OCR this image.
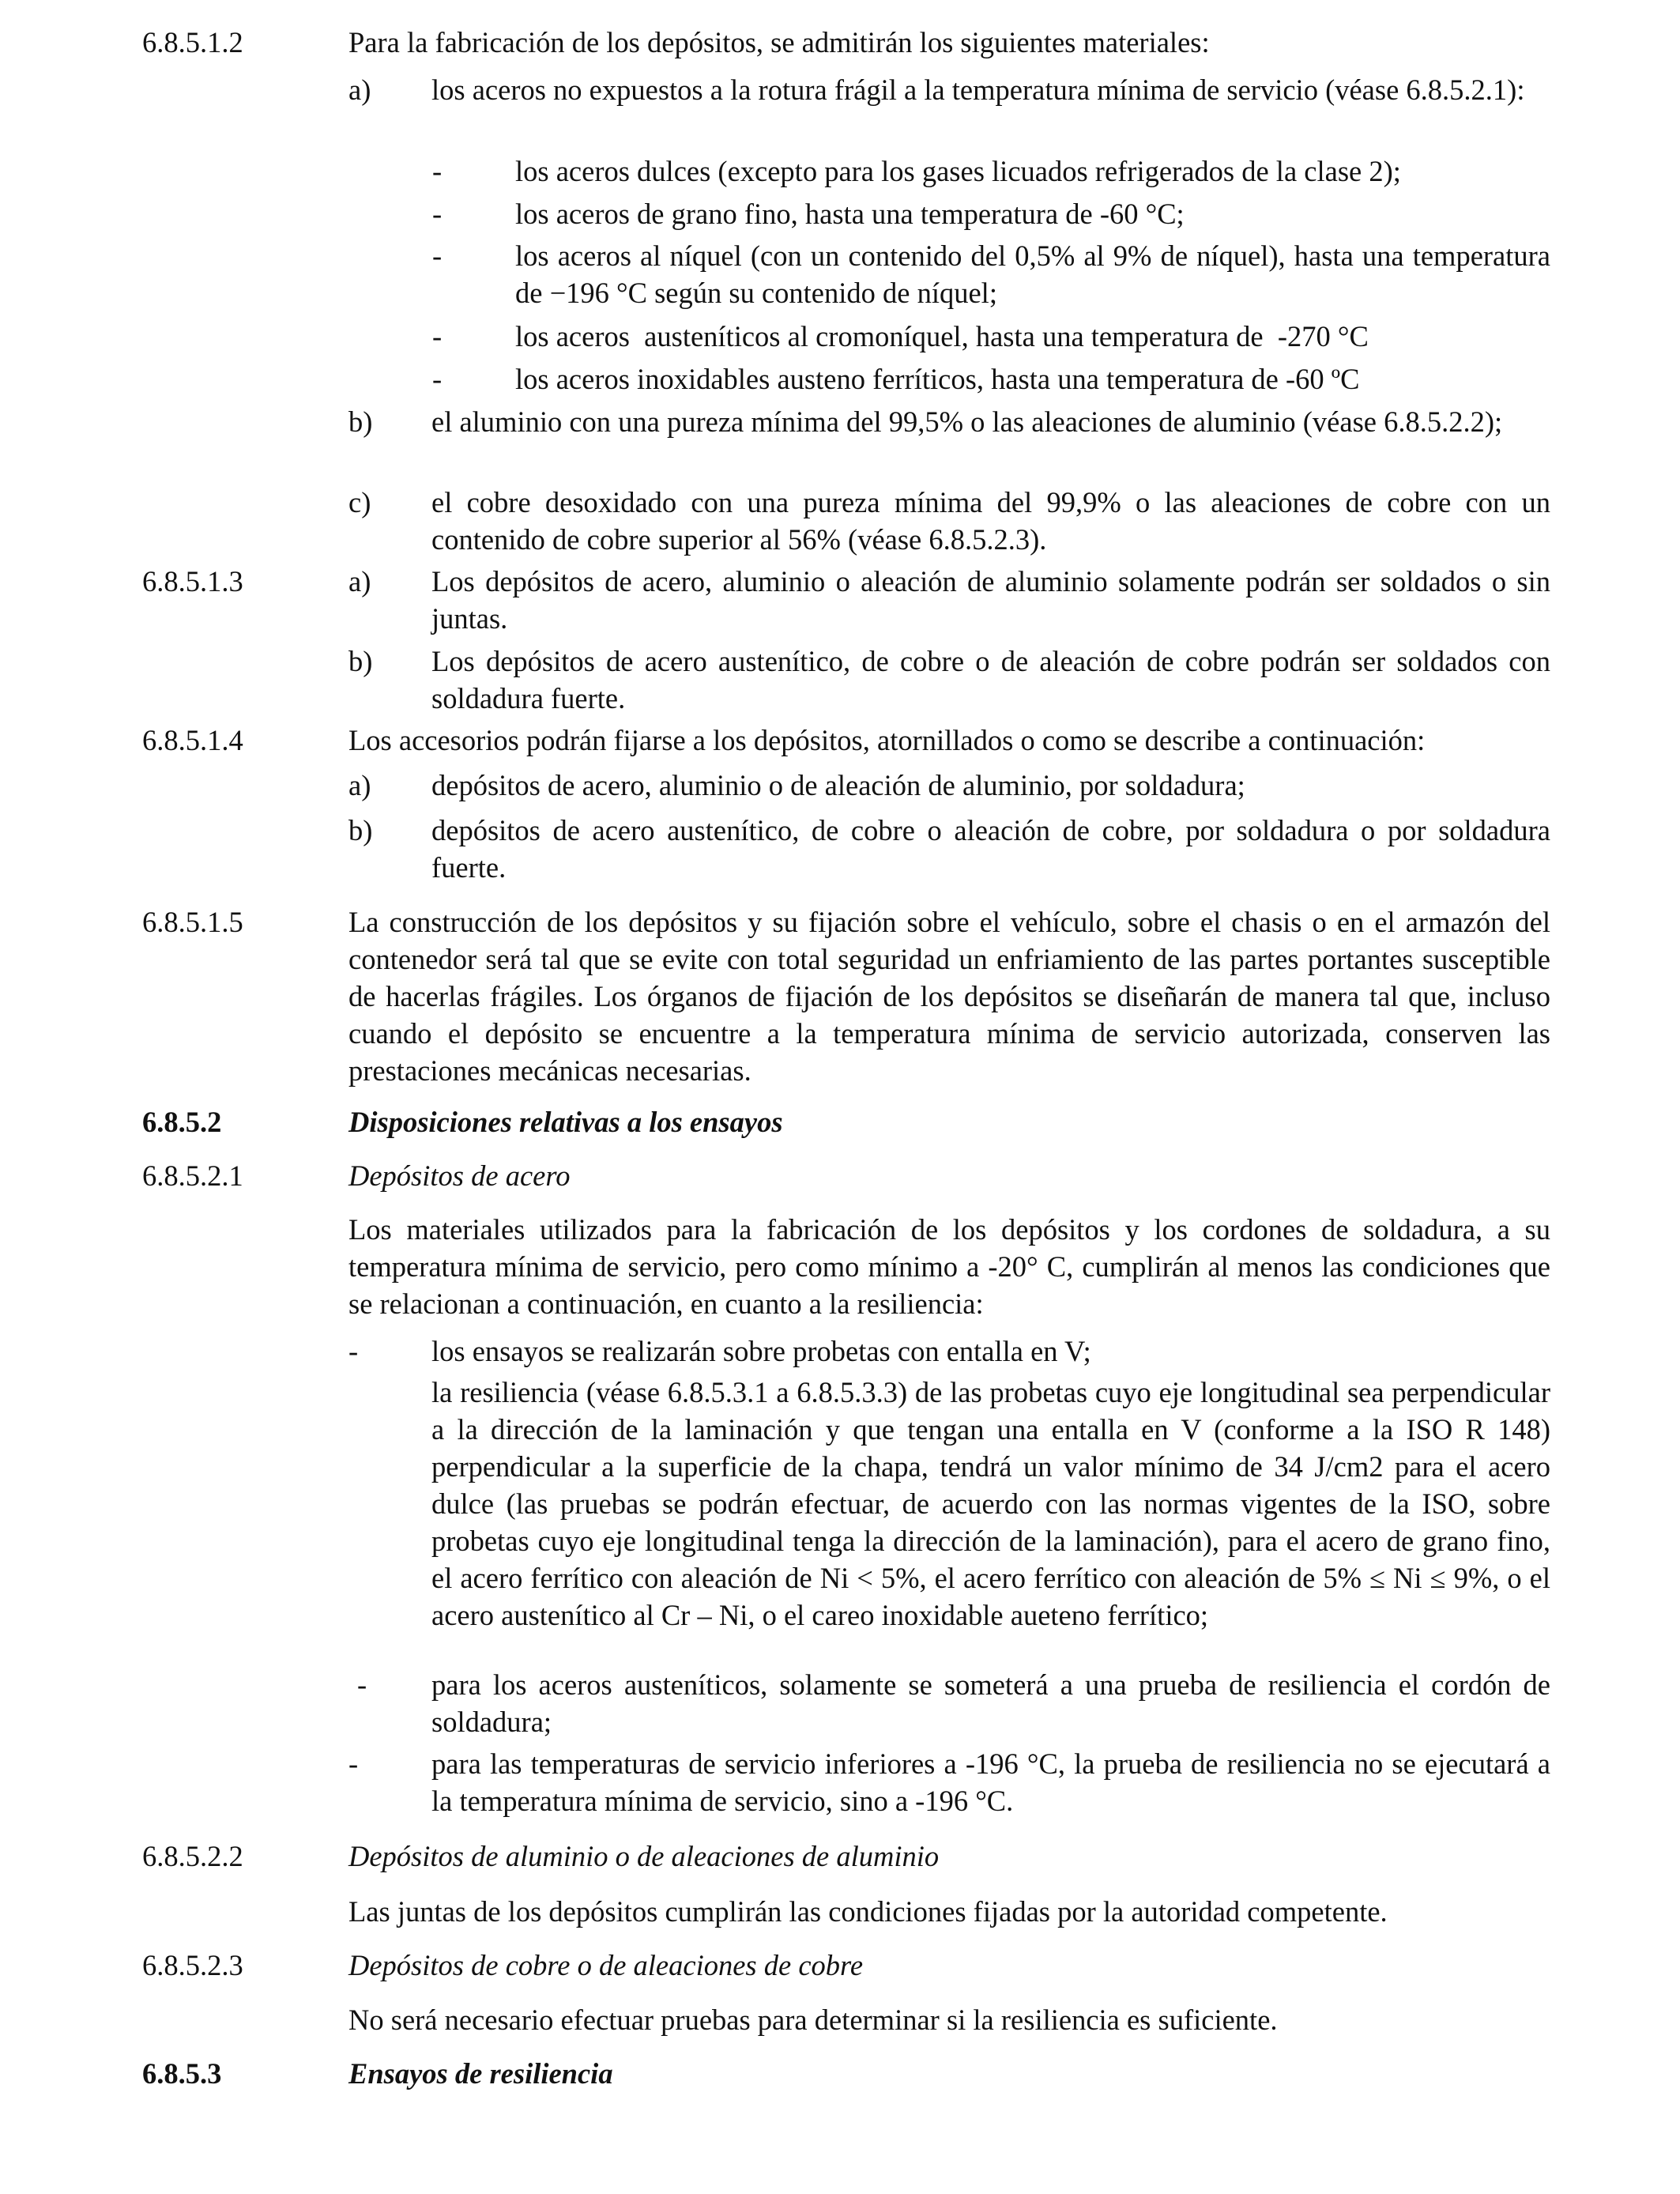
6.8.5.1.2	Para la fabricación de los depósitos, se admitirán los siguientes materiales:
a) los aceros no expuestos a la rotura frágil a la temperatura mínima de servicio (véase 6.8.5.2.1):
-	los aceros dulces (excepto para los gases licuados refrigerados de la clase 2);
-	los aceros de grano fino, hasta una temperatura de -60 °C;
-	los aceros al níquel (con un contenido del 0,5% al 9% de níquel), hasta una temperatura de −196 °C según su contenido de níquel;
-	los aceros  austeníticos al cromoníquel, hasta una temperatura de  -270 °C
-	los aceros inoxidables austeno ferríticos, hasta una temperatura de -60 ºC
b) el aluminio con una pureza mínima del 99,5% o las aleaciones de aluminio (véase 6.8.5.2.2);
c) el cobre desoxidado con una pureza mínima del 99,9% o las aleaciones de cobre con un contenido de cobre superior al 56% (véase 6.8.5.2.3).
6.8.5.1.3	a) Los depósitos de acero, aluminio o aleación de aluminio solamente podrán ser soldados o sin juntas.
b) Los depósitos de acero austenítico, de cobre o de aleación de cobre podrán ser soldados con soldadura fuerte.
6.8.5.1.4	Los accesorios podrán fijarse a los depósitos, atornillados o como se describe a continuación:
a) depósitos de acero, aluminio o de aleación de aluminio, por soldadura;
b) depósitos de acero austenítico, de cobre o aleación de cobre, por soldadura o por soldadura fuerte.
6.8.5.1.5	La construcción de los depósitos y su fijación sobre el vehículo, sobre el chasis o en el armazón del contenedor será tal que se evite con total seguridad un enfriamiento de las partes portantes susceptible de hacerlas frágiles. Los órganos de fijación de los depósitos se diseñarán de manera tal que, incluso cuando el depósito se encuentre a la temperatura mínima de servicio autorizada, conserven las prestaciones mecánicas necesarias.
6.8.5.2	Disposiciones relativas a los ensayos
6.8.5.2.1	Depósitos de acero
Los materiales utilizados para la fabricación de los depósitos y los cordones de soldadura, a su temperatura mínima de servicio, pero como mínimo a -20° C, cumplirán al menos las condiciones que se relacionan a continuación, en cuanto a la resiliencia:
-	los ensayos se realizarán sobre probetas con entalla en V;
la resiliencia (véase 6.8.5.3.1 a 6.8.5.3.3) de las probetas cuyo eje longitudinal sea perpendicular a la dirección de la laminación y que tengan una entalla en V (conforme a la ISO R 148) perpendicular a la superficie de la chapa, tendrá un valor mínimo de 34 J/cm2 para el acero dulce (las pruebas se podrán efectuar, de acuerdo con las normas vigentes de la ISO, sobre probetas cuyo eje longitudinal tenga la dirección de la laminación), para el acero de grano fino, el acero ferrítico con aleación de Ni < 5%, el acero ferrítico con aleación de 5% ≤ Ni ≤ 9%, o el acero austenítico al Cr – Ni, o el careo inoxidable aueteno ferrítico;
- para los aceros austeníticos, solamente se someterá a una prueba de resiliencia el cordón de soldadura;
-	para las temperaturas de servicio inferiores a -196 °C, la prueba de resiliencia no se ejecutará a la temperatura mínima de servicio, sino a -196 °C.
6.8.5.2.2	Depósitos de aluminio o de aleaciones de aluminio
Las juntas de los depósitos cumplirán las condiciones fijadas por la autoridad competente.
6.8.5.2.3	Depósitos de cobre o de aleaciones de cobre
No será necesario efectuar pruebas para determinar si la resiliencia es suficiente.
6.8.5.3	Ensayos de resiliencia
